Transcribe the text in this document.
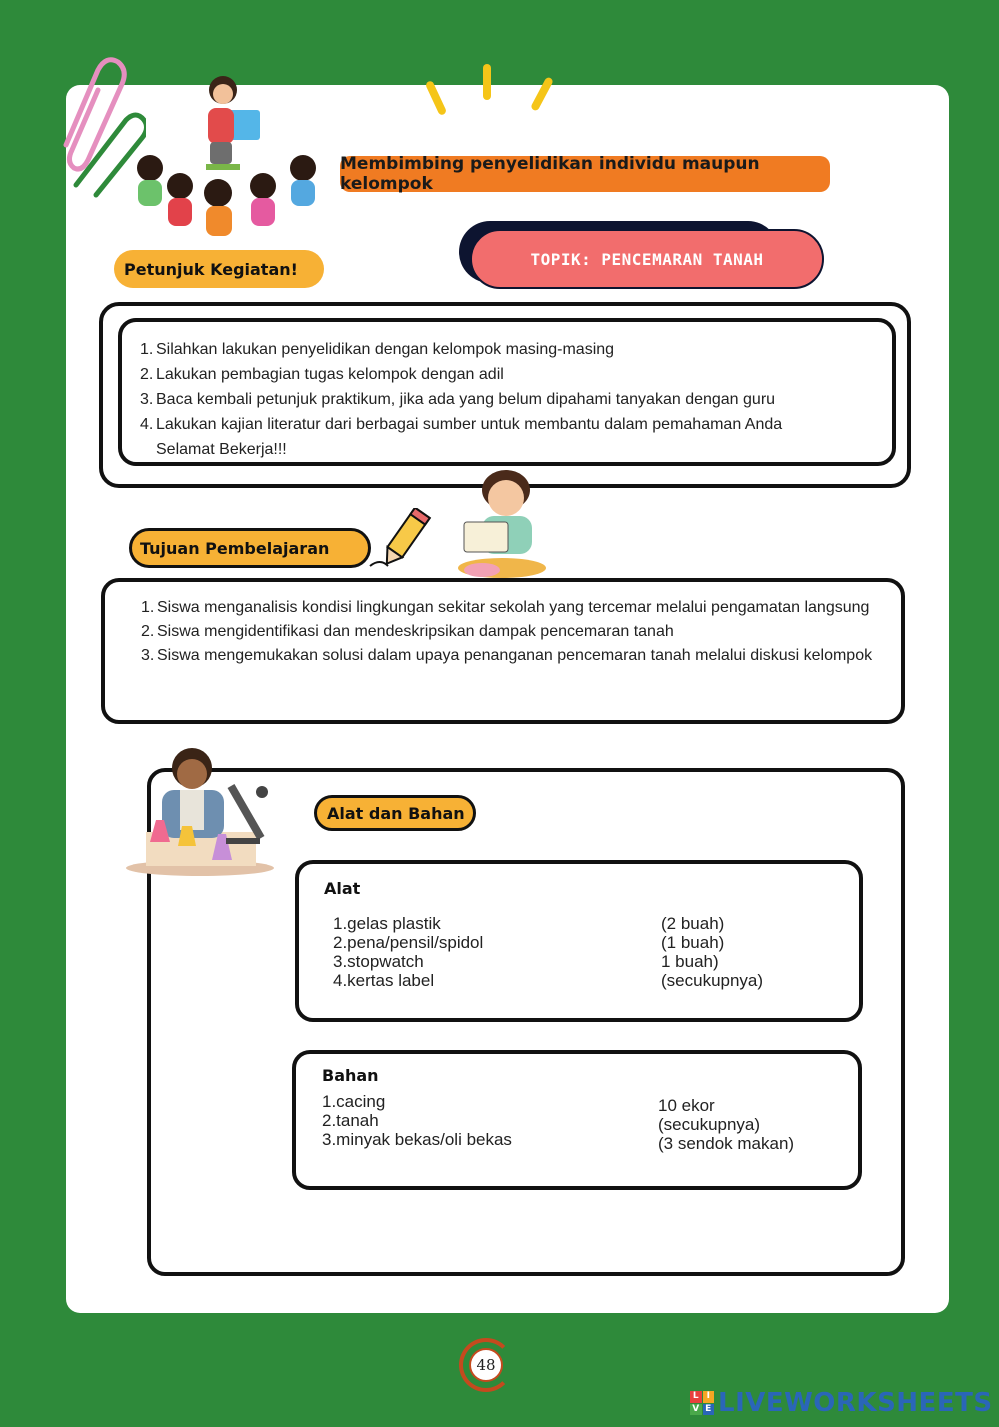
Membimbing penyelidikan individu maupun kelompok
TOPIK: PENCEMARAN TANAH
Petunjuk Kegiatan!
1. Silahkan lakukan penyelidikan dengan kelompok masing-masing
2. Lakukan pembagian tugas kelompok dengan adil
3. Baca kembali petunjuk praktikum, jika ada yang belum dipahami tanyakan dengan guru
4. Lakukan kajian literatur dari berbagai sumber untuk membantu dalam pemahaman Anda
Selamat Bekerja!!!
Tujuan Pembelajaran
1. Siswa menganalisis kondisi lingkungan sekitar sekolah yang tercemar melalui pengamatan langsung
2. Siswa mengidentifikasi dan mendeskripsikan dampak pencemaran tanah
3. Siswa mengemukakan solusi dalam upaya penanganan pencemaran tanah melalui diskusi kelompok
Alat dan Bahan
Alat
1.gelas plastik
2.pena/pensil/spidol
3.stopwatch
4.kertas label
(2 buah)
(1 buah)
1 buah)
(secukupnya)
Bahan
1.cacing
2.tanah
3.minyak bekas/oli bekas
10 ekor
(secukupnya)
(3 sendok makan)
48
L I
V E LIVEWORKSHEETS
